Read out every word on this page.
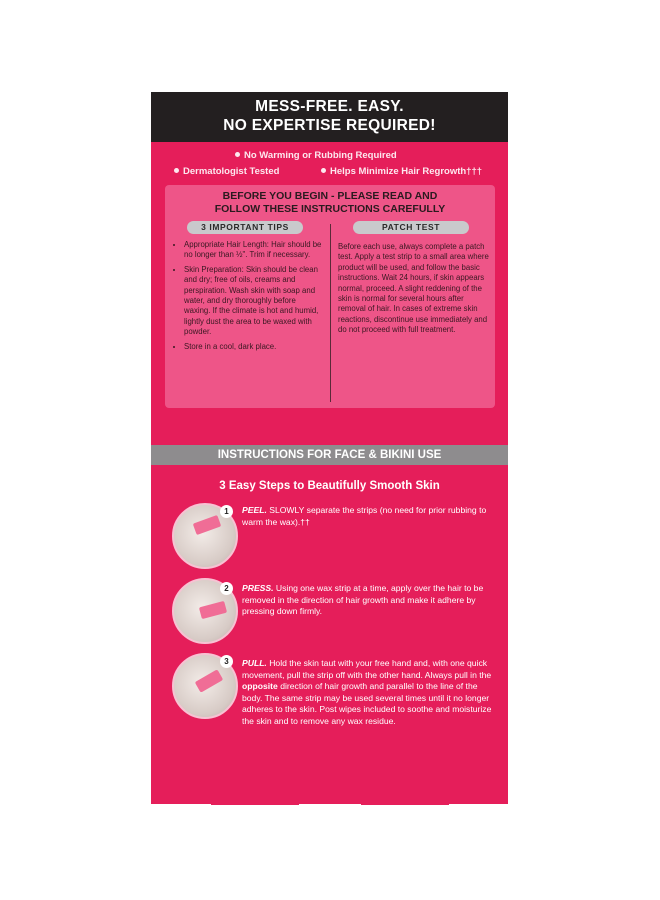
MESS-FREE. EASY.
NO EXPERTISE REQUIRED!
No Warming or Rubbing Required
Dermatologist Tested	Helps Minimize Hair Regrowth†††
BEFORE YOU BEGIN - PLEASE READ AND
FOLLOW THESE INSTRUCTIONS CAREFULLY
3 IMPORTANT TIPS	PATCH TEST
• Appropriate Hair Length: Hair should be no longer than ½". Trim if necessary.
• Skin Preparation: Skin should be clean and dry; free of oils, creams and perspiration. Wash skin with soap and water, and dry thoroughly before waxing. If the climate is hot and humid, lightly dust the area to be waxed with powder.
• Store in a cool, dark place.

Before each use, always complete a patch test. Apply a test strip to a small area where product will be used, and follow the basic instructions. Wait 24 hours, if skin appears normal, proceed. A slight reddening of the skin is normal for several hours after removal of hair. In cases of extreme skin reactions, discontinue use immediately and do not proceed with full treatment.

INSTRUCTIONS FOR FACE & BIKINI USE
3 Easy Steps to Beautifully Smooth Skin
1	PEEL. SLOWLY separate the strips (no need for prior rubbing to warm the wax).††
2	PRESS. Using one wax strip at a time, apply over the hair to be removed in the direction of hair growth and make it adhere by pressing down firmly.
3	PULL. Hold the skin taut with your free hand and, with one quick movement, pull the strip off with the other hand. Always pull in the opposite direction of hair growth and parallel to the line of the body. The same strip may be used several times until it no longer adheres to the skin. Post wipes included to soothe and moisturize the skin and to remove any wax residue.
